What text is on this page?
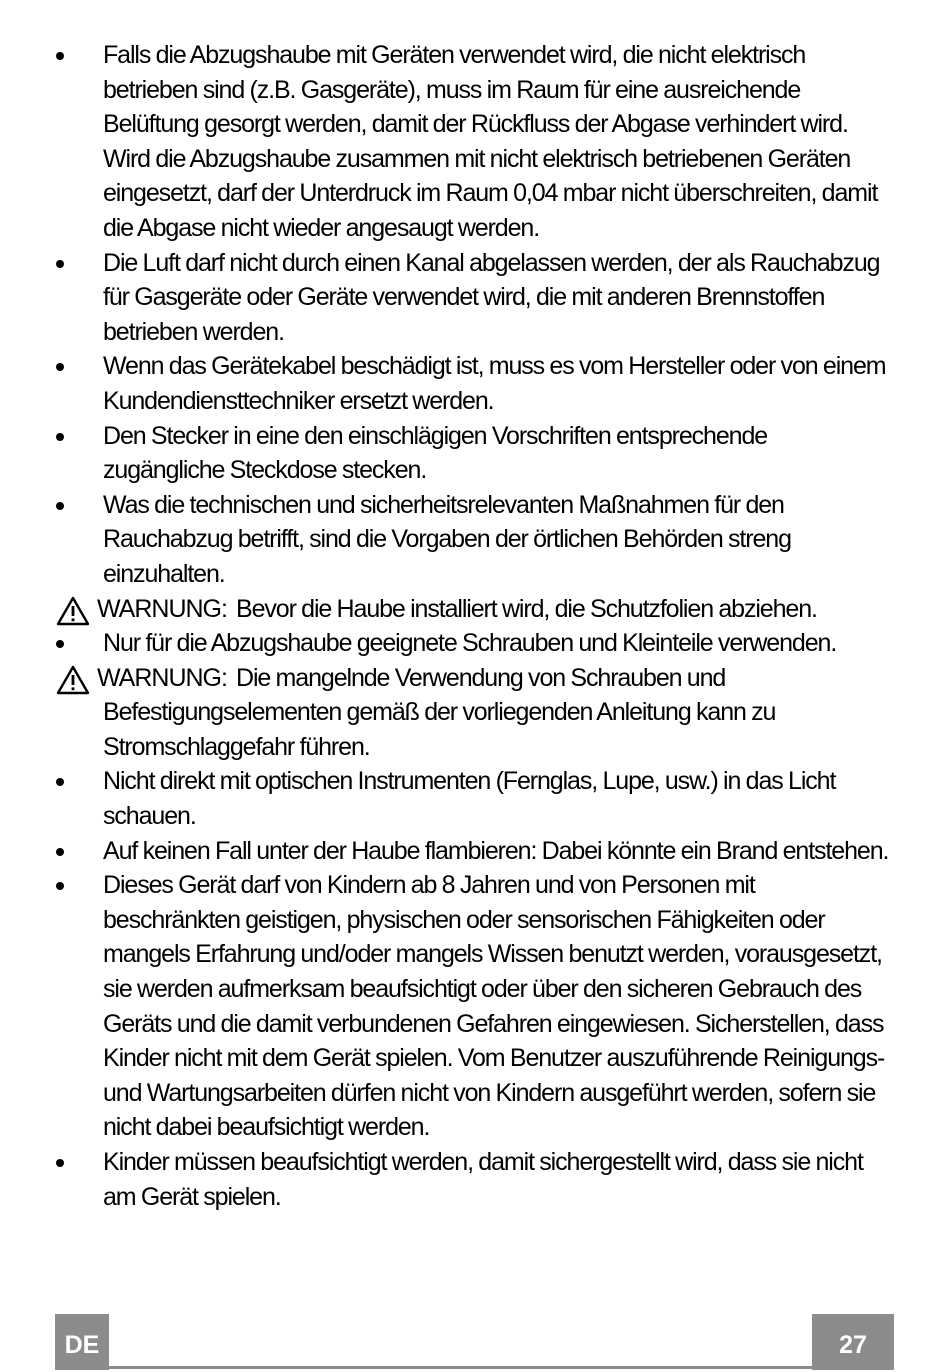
Falls die Abzugshaube mit Geräten verwendet wird, die nicht elektrisch betrieben sind (z.B. Gasgeräte), muss im Raum für eine ausreichende Belüftung gesorgt werden, damit der Rückfluss der Abgase verhindert wird. Wird die Abzugshaube zusammen mit nicht elektrisch betriebenen Geräten eingesetzt, darf der Unterdruck im Raum 0,04 mbar nicht überschreiten, damit die Abgase nicht wieder angesaugt werden.
Die Luft darf nicht durch einen Kanal abgelassen werden, der als Rauchabzug für Gasgeräte oder Geräte verwendet wird, die mit anderen Brennstoffen betrieben werden.
Wenn das Gerätekabel beschädigt ist, muss es vom Hersteller oder von einem Kundendiensttechniker ersetzt werden.
Den Stecker in eine den einschlägigen Vorschriften entsprechende zugängliche Steckdose stecken.
Was die technischen und sicherheitsrelevanten Maßnahmen für den Rauchabzug betrifft, sind die Vorgaben der örtlichen Behörden streng einzuhalten.
WARNUNG: Bevor die Haube installiert wird, die Schutzfolien abziehen.
Nur für die Abzugshaube geeignete Schrauben und Kleinteile verwenden.
WARNUNG: Die mangelnde Verwendung von Schrauben und Befestigungselementen gemäß der vorliegenden Anleitung kann zu Stromschlaggefahr führen.
Nicht direkt mit optischen Instrumenten (Fernglas, Lupe, usw.) in das Licht schauen.
Auf keinen Fall unter der Haube flambieren: Dabei könnte ein Brand entstehen.
Dieses Gerät darf von Kindern ab 8 Jahren und von Personen mit beschränkten geistigen, physischen oder sensorischen Fähigkeiten oder mangels Erfahrung und/oder mangels Wissen benutzt werden, vorausgesetzt, sie werden aufmerksam beaufsichtigt oder über den sicheren Gebrauch des Geräts und die damit verbundenen Gefahren eingewiesen. Sicherstellen, dass Kinder nicht mit dem Gerät spielen. Vom Benutzer auszuführende Reinigungs- und Wartungsarbeiten dürfen nicht von Kindern ausgeführt werden, sofern sie nicht dabei beaufsichtigt werden.
Kinder müssen beaufsichtigt werden, damit sichergestellt wird, dass sie nicht am Gerät spielen.
DE	27
